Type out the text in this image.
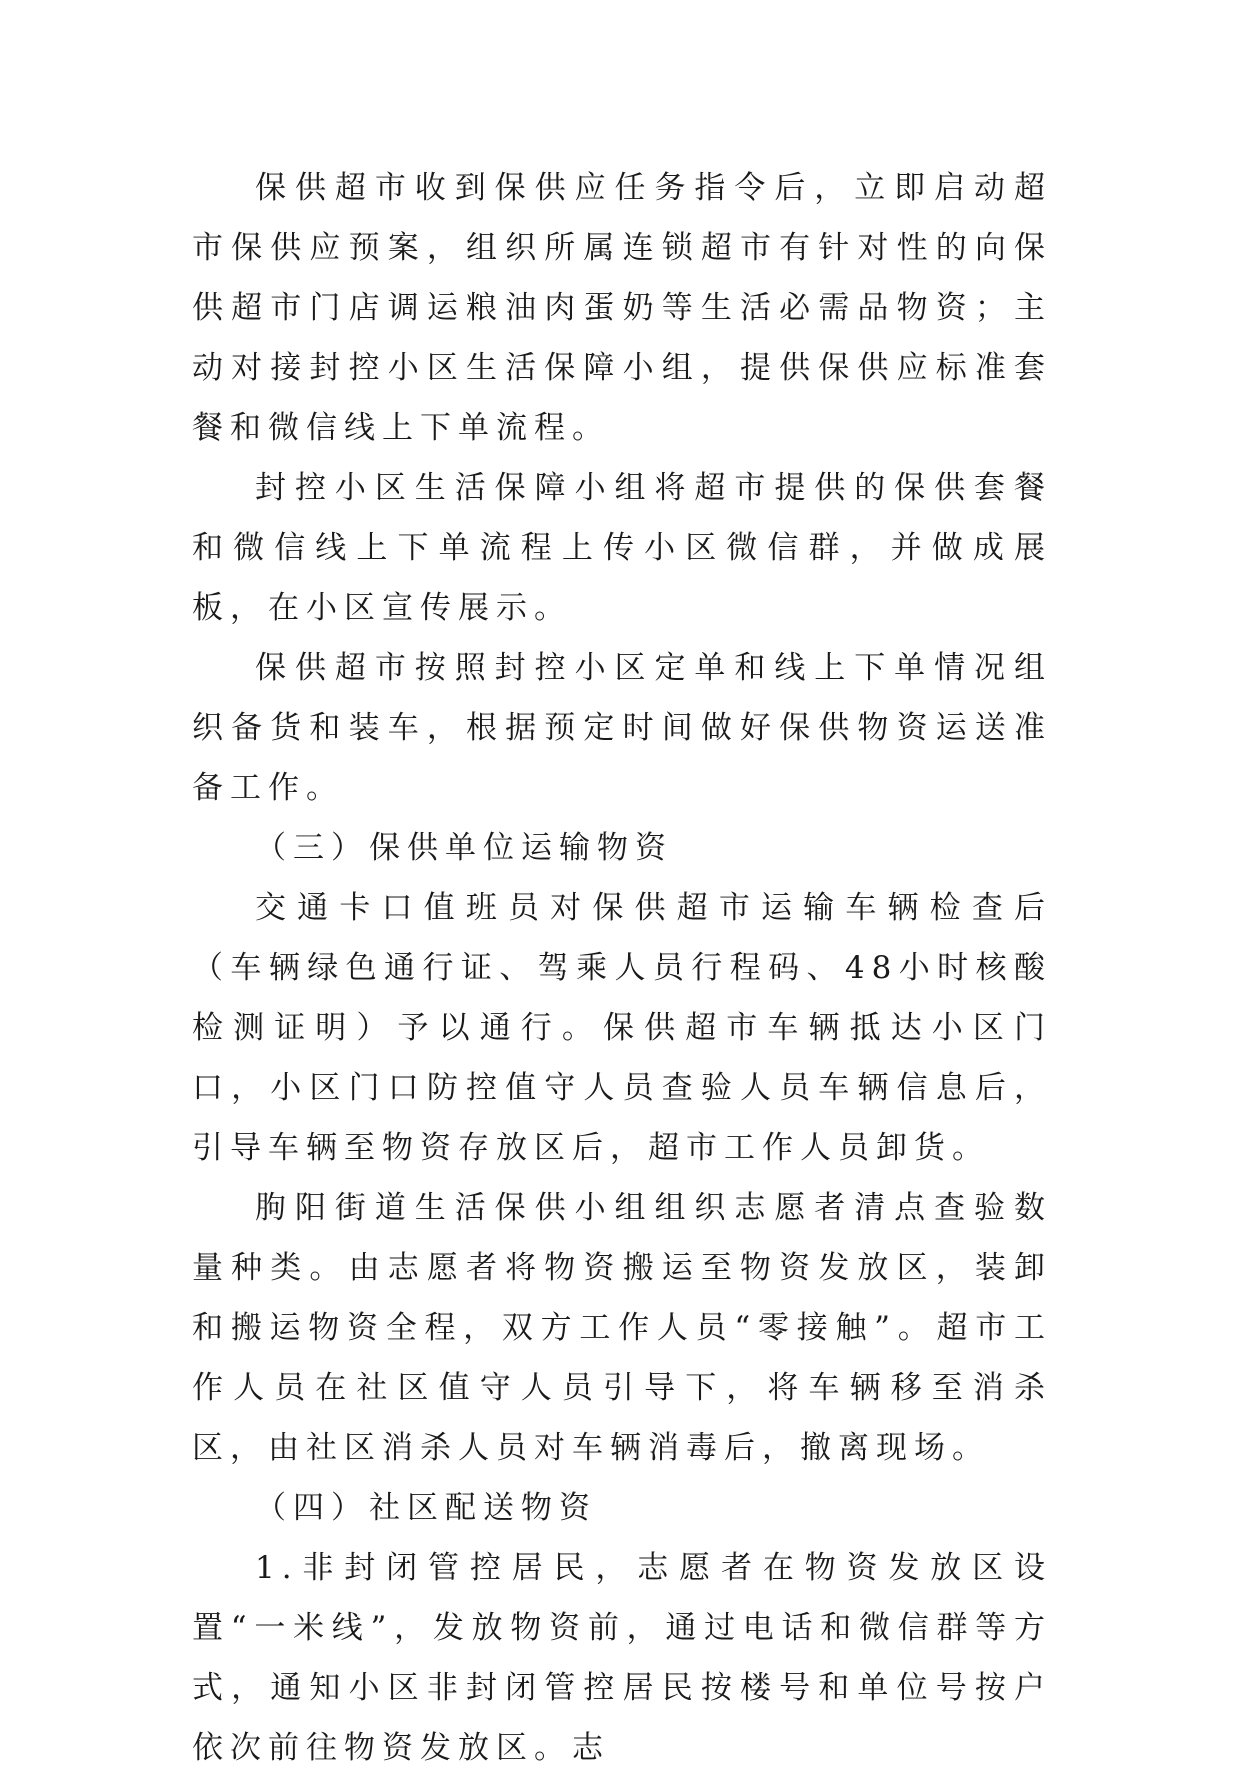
保供超市收到保供应任务指令后，立即启动超市保供应预案，组织所属连锁超市有针对性的向保供超市门店调运粮油肉蛋奶等生活必需品物资；主动对接封控小区生活保障小组，提供保供应标准套餐和微信线上下单流程。

封控小区生活保障小组将超市提供的保供套餐和微信线上下单流程上传小区微信群，并做成展板，在小区宣传展示。

保供超市按照封控小区定单和线上下单情况组织备货和装车，根据预定时间做好保供物资运送准备工作。

（三）保供单位运输物资

交通卡口值班员对保供超市运输车辆检查后（车辆绿色通行证、驾乘人员行程码、48小时核酸检测证明）予以通行。保供超市车辆抵达小区门口，小区门口防控值守人员查验人员车辆信息后，引导车辆至物资存放区后，超市工作人员卸货。

朐阳街道生活保供小组组织志愿者清点查验数量种类。由志愿者将物资搬运至物资发放区，装卸和搬运物资全程，双方工作人员“零接触”。超市工作人员在社区值守人员引导下，将车辆移至消杀区，由社区消杀人员对车辆消毒后，撤离现场。

（四）社区配送物资

1.非封闭管控居民，志愿者在物资发放区设置“一米线”，发放物资前，通过电话和微信群等方式，通知小区非封闭管控居民按楼号和单位号按户依次前往物资发放区。志
